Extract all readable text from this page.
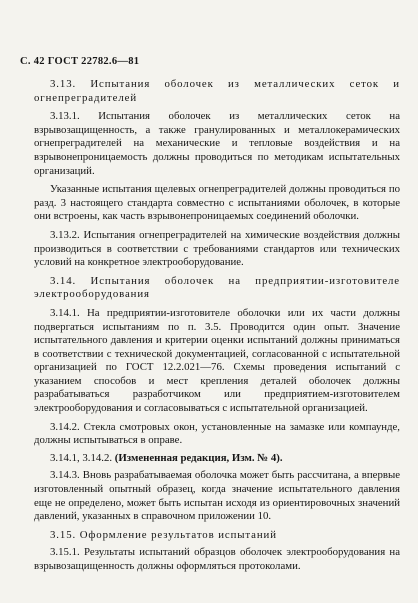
С. 42 ГОСТ 22782.6—81

3.13. Испытания оболочек из металлических сеток и огнепреградителей

3.13.1. Испытания оболочек из металлических сеток на взрывозащищенность, а также гранулированных и металлокерамических огнепреградителей на механические и тепловые воздействия и на взрывонепроницаемость должны проводиться по методикам испытательных организаций.

Указанные испытания щелевых огнепреградителей должны проводиться по разд. 3 настоящего стандарта совместно с испытаниями оболочек, в которые они встроены, как часть взрывонепроницаемых соединений оболочки.

3.13.2. Испытания огнепреградителей на химические воздействия должны производиться в соответствии с требованиями стандартов или технических условий на конкретное электрооборудование.

3.14. Испытания оболочек на предприятии-изготовителе электрооборудования

3.14.1. На предприятии-изготовителе оболочки или их части должны подвергаться испытаниям по п. 3.5. Проводится один опыт. Значение испытательного давления и критерии оценки испытаний должны приниматься в соответствии с технической документацией, согласованной с испытательной организацией по ГОСТ 12.2.021—76. Схемы проведения испытаний с указанием способов и мест крепления деталей оболочек должны разрабатываться разработчиком или предприятием-изготовителем электрооборудования и согласовываться с испытательной организацией.

3.14.2. Стекла смотровых окон, установленные на замазке или компаунде, должны испытываться в оправе.

3.14.1, 3.14.2. (Измененная редакция, Изм. № 4).

3.14.3. Вновь разрабатываемая оболочка может быть рассчитана, а впервые изготовленный опытный образец, когда значение испытательного давления еще не определено, может быть испытан исходя из ориентировочных значений давлений, указанных в справочном приложении 10.

3.15. Оформление результатов испытаний

3.15.1. Результаты испытаний образцов оболочек электрооборудования на взрывозащищенность должны оформляться протоколами.
